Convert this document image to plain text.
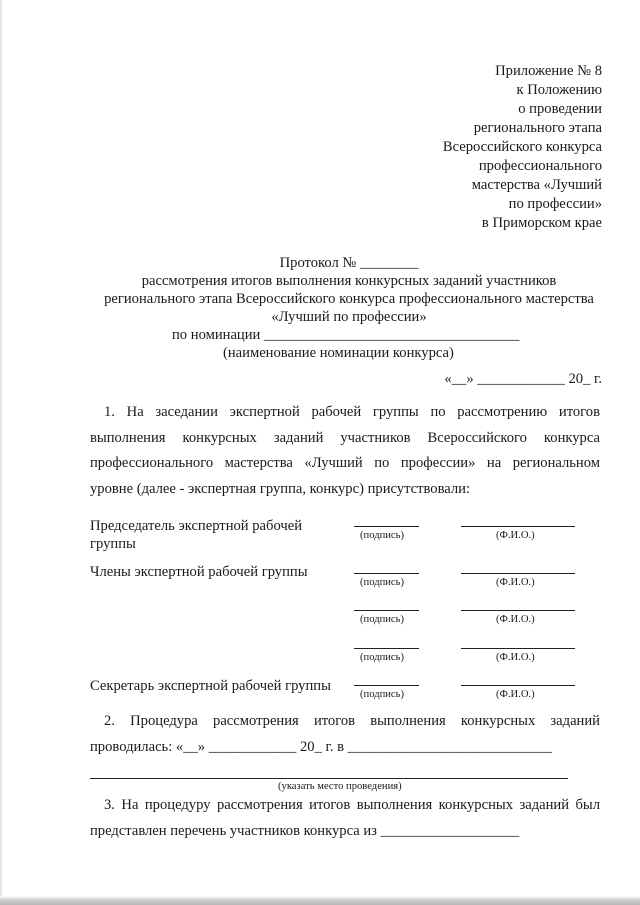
Приложение № 8
к Положению
о проведении
регионального этапа
Всероссийского конкурса
профессионального
мастерства «Лучший
по профессии»
в Приморском крае
Протокол № ________
рассмотрения итогов выполнения конкурсных заданий участников
регионального этапа Всероссийского конкурса профессионального мастерства
«Лучший по профессии»
по номинации ___________________________________
(наименование номинации конкурса)
«__» ____________ 20_ г.
1. На заседании экспертной рабочей группы по рассмотрению итогов
выполнения конкурсных заданий участников Всероссийского конкурса
профессионального мастерства «Лучший по профессии» на региональном
уровне (далее - экспертная группа, конкурс) присутствовали:
Председатель экспертной рабочей
группы
(подпись)	(Ф.И.О.)
Члены экспертной рабочей группы
(подпись)	(Ф.И.О.)
(подпись)	(Ф.И.О.)
(подпись)	(Ф.И.О.)
Секретарь экспертной рабочей группы
(подпись)	(Ф.И.О.)
2. Процедура рассмотрения итогов выполнения конкурсных заданий
проводилась: «__» ____________ 20_ г. в ____________________________
(указать место проведения)
3. На процедуру рассмотрения итогов выполнения конкурсных заданий был
представлен перечень участников конкурса из ___________________
